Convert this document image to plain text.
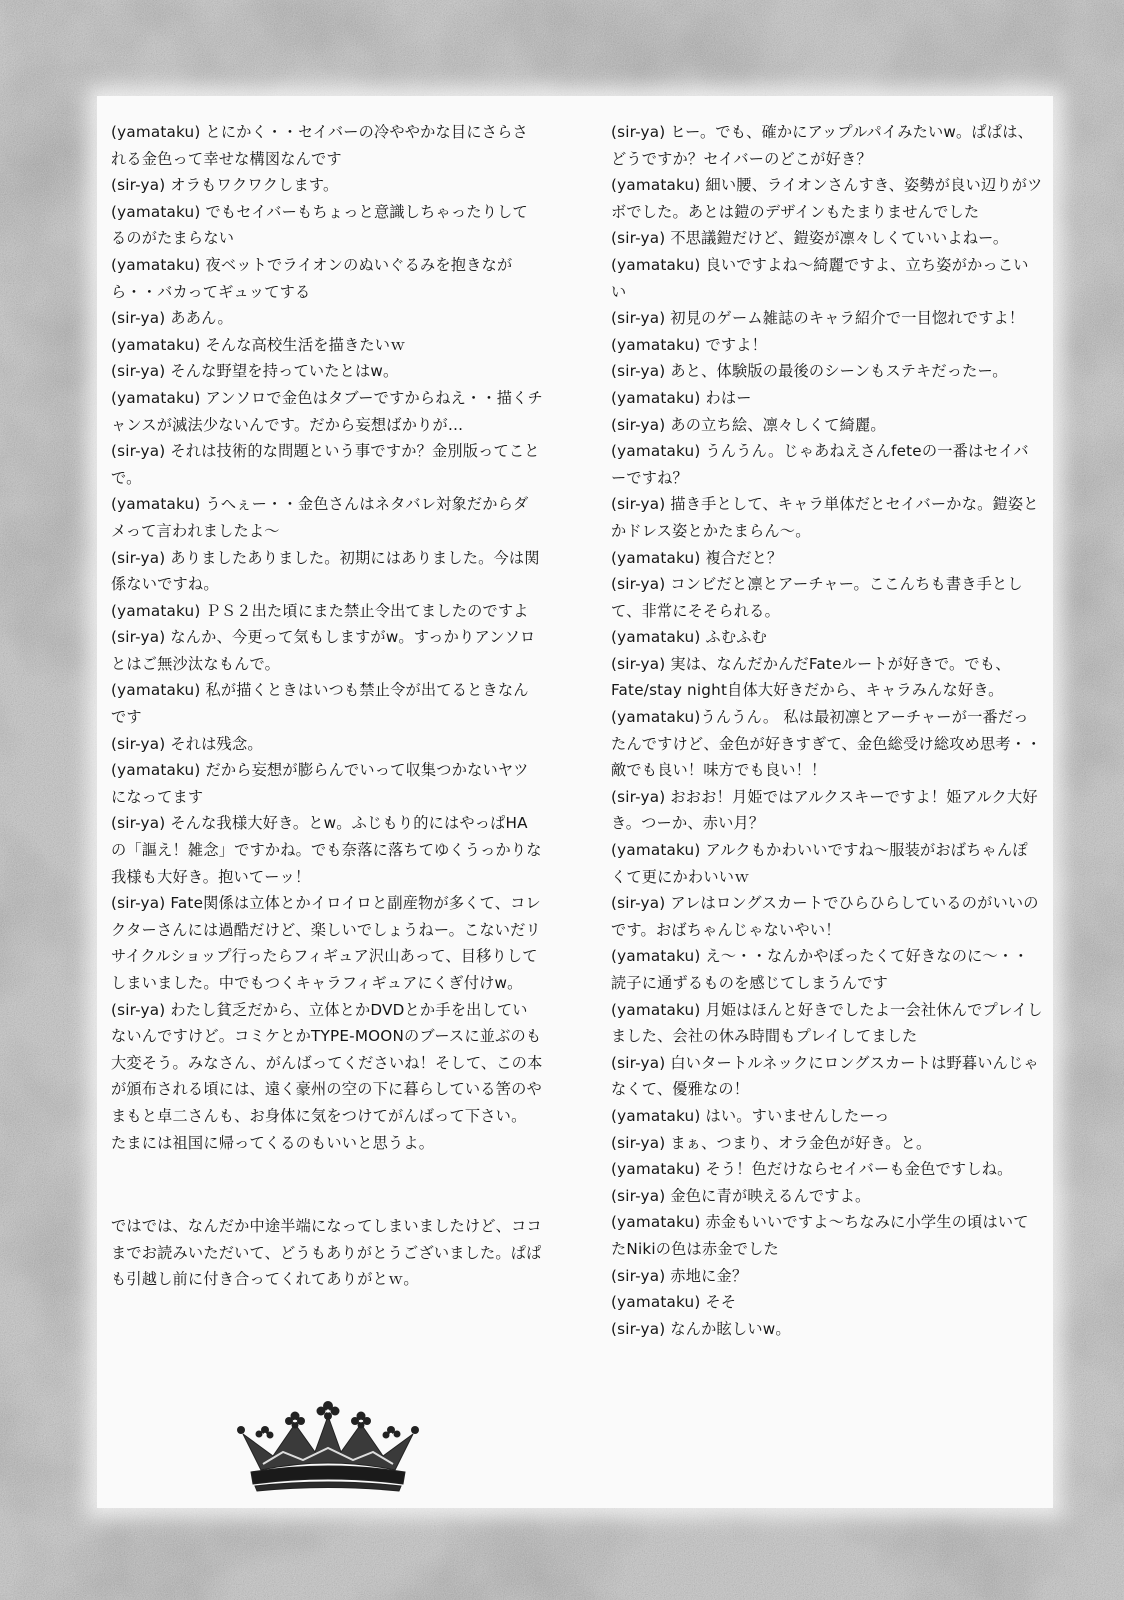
(yamataku) とにかく・・セイバーの冷ややかな目にさらされる金色って幸せな構図なんです

(sir-ya) オラもワクワクします。

(yamataku) でもセイバーもちょっと意識しちゃったりしてるのがたまらない

(yamataku) 夜ベットでライオンのぬいぐるみを抱きながら・・バカってギュッてする

(sir-ya) ああん。

(yamataku) そんな高校生活を描きたいｗ

(sir-ya) そんな野望を持っていたとはw。

(yamataku) アンソロで金色はタブーですからねえ・・描くチャンスが滅法少ないんです。だから妄想ばかりが…

(sir-ya) それは技術的な問題という事ですか？金別版ってことで。

(yamataku) うへぇー・・金色さんはネタバレ対象だからダメって言われましたよ～

(sir-ya) ありましたありました。初期にはありました。今は関係ないですね。

(yamataku) ＰＳ２出た頃にまた禁止令出てましたのですよ

(sir-ya) なんか、今更って気もしますがw。すっかりアンソロとはご無沙汰なもんで。

(yamataku) 私が描くときはいつも禁止令が出てるときなんです

(sir-ya) それは残念。

(yamataku) だから妄想が膨らんでいって収集つかないヤツになってます

(sir-ya) そんな我様大好き。とw。ふじもり的にはやっぱHAの「謳え！雑念」ですかね。でも奈落に落ちてゆくうっかりな我様も大好き。抱いてーッ！

(sir-ya) Fate関係は立体とかイロイロと副産物が多くて、コレクターさんには過酷だけど、楽しいでしょうねー。こないだリサイクルショップ行ったらフィギュア沢山あって、目移りしてしまいました。中でもつくキャラフィギュアにくぎ付けw。

(sir-ya) わたし貧乏だから、立体とかDVDとか手を出していないんですけど。コミケとかTYPE-MOONのブースに並ぶのも大変そう。みなさん、がんばってくださいね！そして、この本が頒布される頃には、遠く豪州の空の下に暮らしている筈のやまもと卓二さんも、お身体に気をつけてがんばって下さい。

たまには祖国に帰ってくるのもいいと思うよ。

ではでは、なんだか中途半端になってしまいましたけど、ココまでお読みいただいて、どうもありがとうございました。ぱぱも引越し前に付き合ってくれてありがとｗ。

(sir-ya) ヒー。でも、確かにアップルパイみたいw。ぱぱは、どうですか？セイバーのどこが好き？

(yamataku) 細い腰、ライオンさんすき、姿勢が良い辺りがツボでした。あとは鎧のデザインもたまりませんでした

(sir-ya) 不思議鎧だけど、鎧姿が凛々しくていいよねー。

(yamataku) 良いですよね～綺麗ですよ、立ち姿がかっこいい

(sir-ya) 初見のゲーム雑誌のキャラ紹介で一目惚れですよ！

(yamataku) ですよ！

(sir-ya) あと、体験版の最後のシーンもステキだったー。

(yamataku) わはー

(sir-ya) あの立ち絵、凛々しくて綺麗。

(yamataku) うんうん。じゃあねえさんfeteの一番はセイバーですね？

(sir-ya) 描き手として、キャラ単体だとセイバーかな。鎧姿とかドレス姿とかたまらん～。

(yamataku) 複合だと？

(sir-ya) コンビだと凛とアーチャー。ここんちも書き手として、非常にそそられる。

(yamataku) ふむふむ

(sir-ya) 実は、なんだかんだFateルートが好きで。でも、Fate/stay night自体大好きだから、キャラみんな好き。

(yamataku)うんうん。 私は最初凛とアーチャーが一番だったんですけど、金色が好きすぎて、金色総受け総攻め思考・・敵でも良い！味方でも良い！！

(sir-ya) おおお！月姫ではアルクスキーですよ！姫アルク大好き。つーか、赤い月？

(yamataku) アルクもかわいいですね～服装がおばちゃんぽくて更にかわいいｗ

(sir-ya) アレはロングスカートでひらひらしているのがいいのです。おばちゃんじゃないやい！

(yamataku) え～・・なんかやぼったくて好きなのに～・・読子に通ずるものを感じてしまうんです

(yamataku) 月姫はほんと好きでしたよ一会社休んでプレイしました、会社の休み時間もプレイしてました

(sir-ya) 白いタートルネックにロングスカートは野暮いんじゃなくて、優雅なの！

(yamataku) はい。すいませんしたーっ

(sir-ya) まぁ、つまり、オラ金色が好き。と。

(yamataku) そう！色だけならセイバーも金色ですしね。

(sir-ya) 金色に青が映えるんですよ。

(yamataku) 赤金もいいですよ～ちなみに小学生の頃はいてたNikiの色は赤金でした

(sir-ya) 赤地に金？

(yamataku) そそ

(sir-ya) なんか眩しいw。
